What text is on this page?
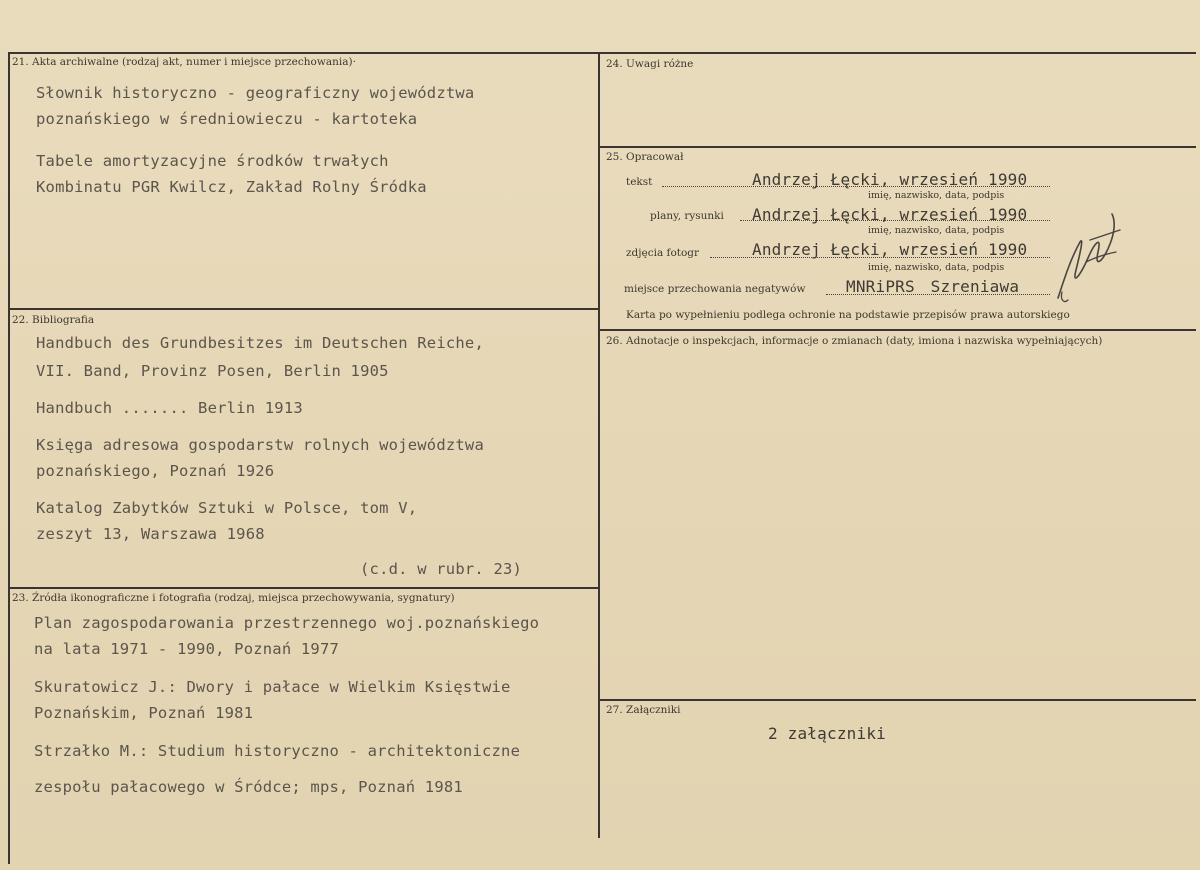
21. Akta archiwalne (rodzaj akt, numer i miejsce przechowania)·
Słownik historyczno - geograficzny województwa
poznańskiego w średniowieczu - kartoteka
Tabele amortyzacyjne środków trwałych
Kombinatu PGR Kwilcz, Zakład Rolny Śródka
22. Bibliografia
Handbuch des Grundbesitzes im Deutschen Reiche,
VII. Band, Provinz Posen, Berlin 1905
Handbuch ....... Berlin 1913
Księga adresowa gospodarstw rolnych województwa
poznańskiego, Poznań 1926
Katalog Zabytków Sztuki w Polsce, tom V,
zeszyt 13, Warszawa 1968
(c.d. w rubr. 23)
23. Źródła ikonograficzne i fotografia (rodzaj, miejsca przechowywania, sygnatury)
Plan zagospodarowania przestrzennego woj.poznańskiego
na lata 1971 - 1990, Poznań 1977
Skuratowicz J.: Dwory i pałace w Wielkim Księstwie
Poznańskim, Poznań 1981
Strzałko M.: Studium historyczno - architektoniczne
zespołu pałacowego w Śródce; mps, Poznań 1981
24. Uwagi różne
25. Opracował
tekst	Andrzej Łęcki, wrzesień 1990
imię, nazwisko, data, podpis
plany, rysunki Andrzej Łęcki, wrzesień 1990
imię, nazwisko, data, podpis
zdjęcia fotogr	Andrzej Łęcki, wrzesień 1990
imię, nazwisko, data, podpis
miejsce przechowania negatywów	MNRiPRS Szreniawa
Karta po wypełnieniu podlega ochronie na podstawie przepisów prawa autorskiego
26. Adnotacje o inspekcjach, informacje o zmianach (daty, imiona i nazwiska wypełniających)
27. Załączniki
2 załączniki
